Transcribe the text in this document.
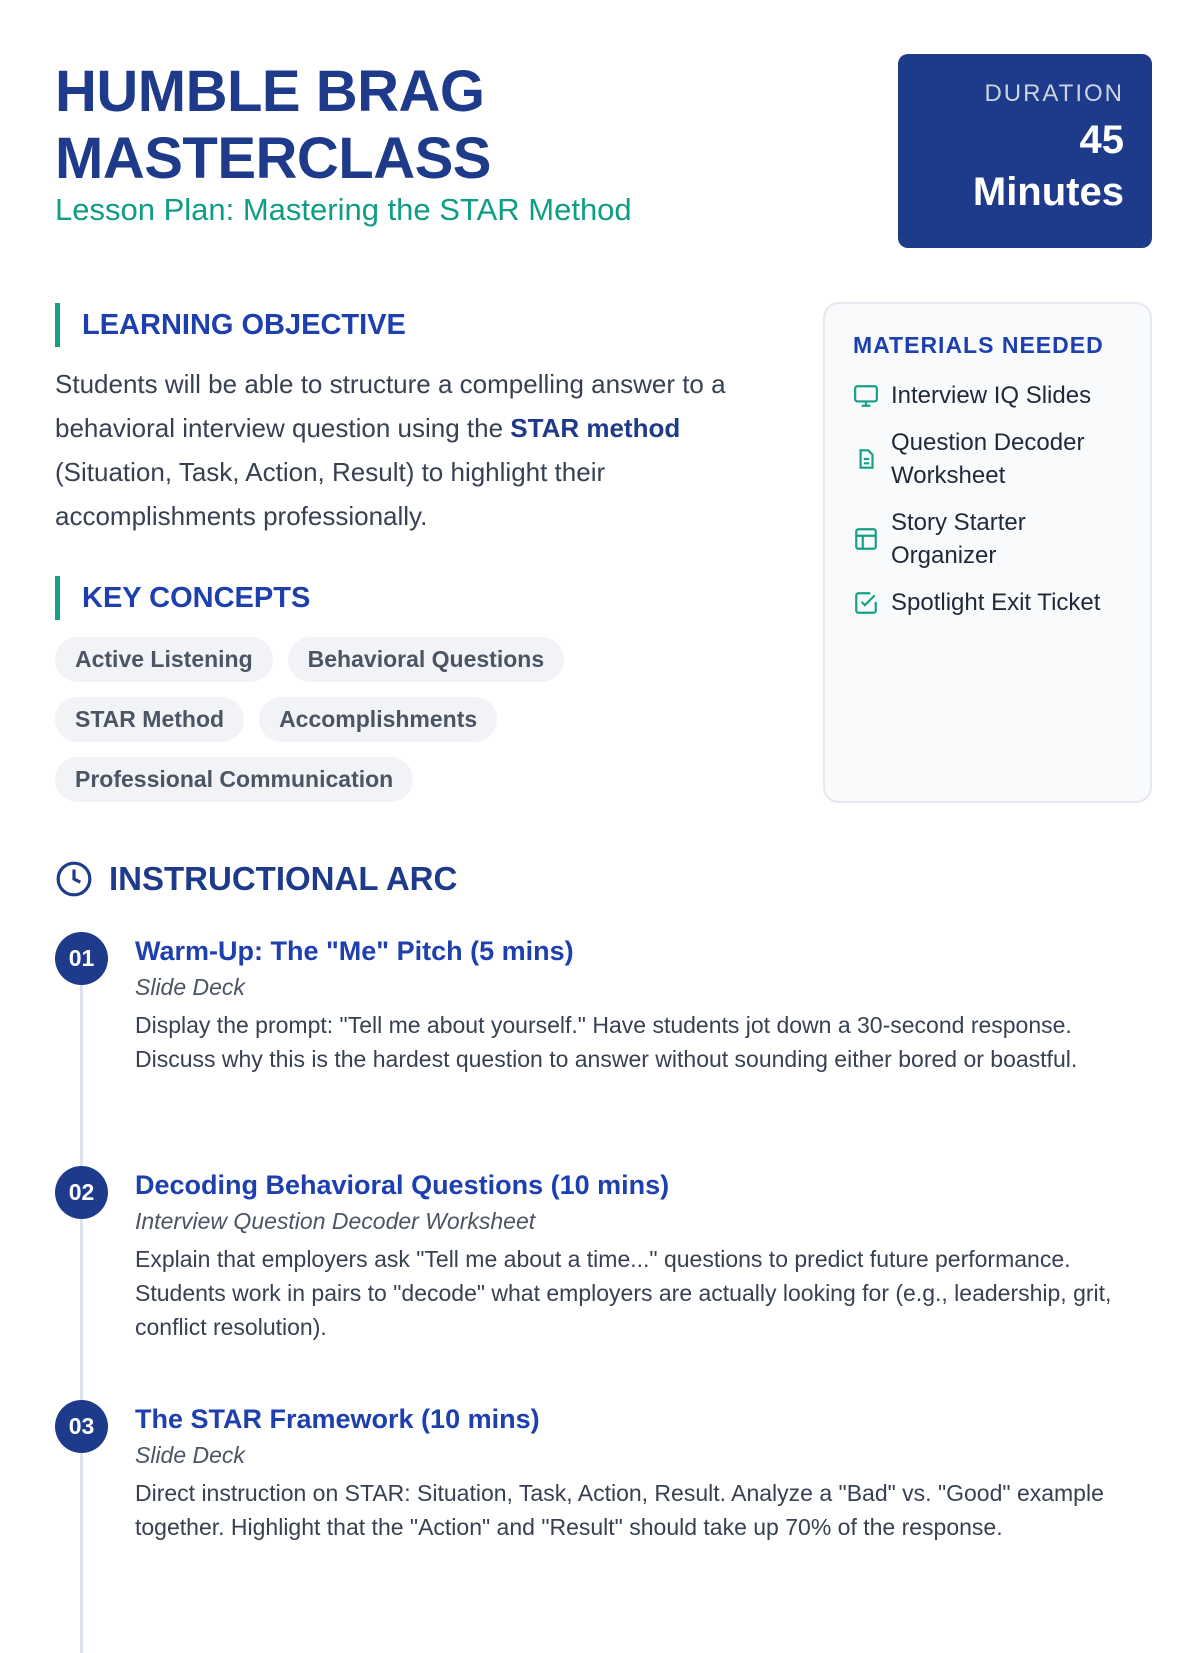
HUMBLE BRAG
MASTERCLASS
Lesson Plan: Mastering the STAR Method
DURATION
45
Minutes
LEARNING OBJECTIVE
Students will be able to structure a compelling answer to a behavioral interview question using the STAR method (Situation, Task, Action, Result) to highlight their accomplishments professionally.
KEY CONCEPTS
Active Listening	Behavioral Questions
STAR Method	Accomplishments
Professional Communication
MATERIALS NEEDED
Interview IQ Slides
Question Decoder Worksheet
Story Starter Organizer
Spotlight Exit Ticket
INSTRUCTIONAL ARC
01	Warm-Up: The "Me" Pitch (5 mins)
Slide Deck

Display the prompt: "Tell me about yourself." Have students jot down a 30-second response. Discuss why this is the hardest question to answer without sounding either bored or boastful.

02	Decoding Behavioral Questions (10 mins)
Interview Question Decoder Worksheet

Explain that employers ask "Tell me about a time..." questions to predict future performance. Students work in pairs to "decode" what employers are actually looking for (e.g., leadership, grit, conflict resolution).

03	The STAR Framework (10 mins)
Slide Deck

Direct instruction on STAR: Situation, Task, Action, Result. Analyze a "Bad" vs. "Good" example together. Highlight that the "Action" and "Result" should take up 70% of the response.
